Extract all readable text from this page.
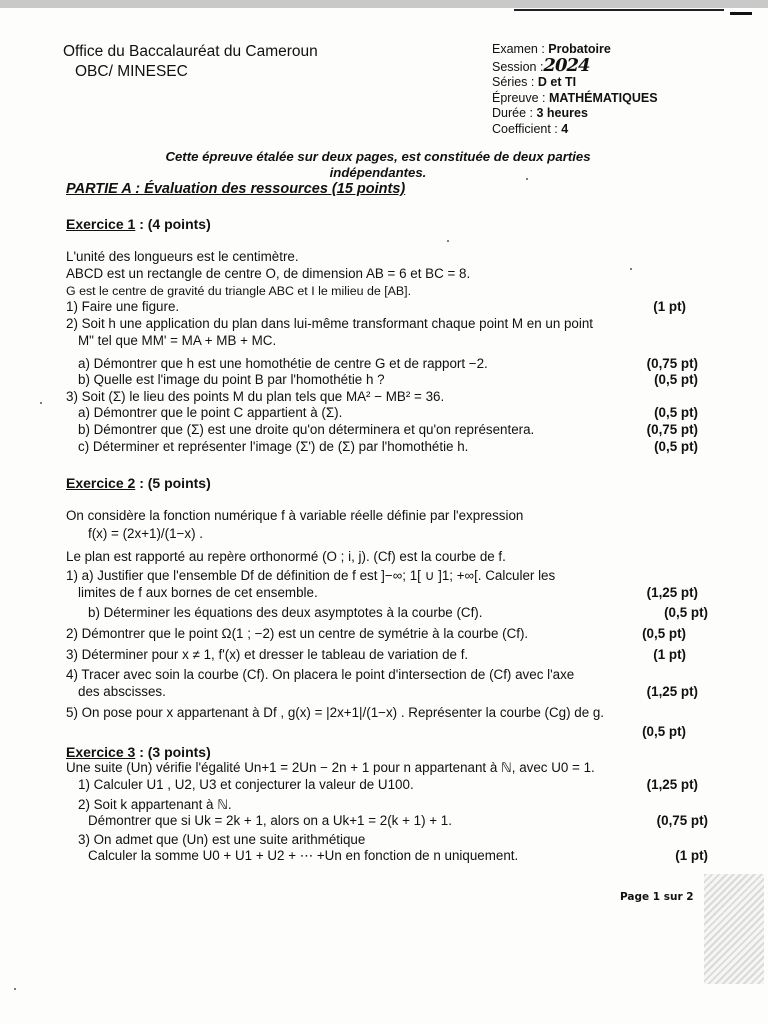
Office du Baccalauréat du Cameroun
OBC/ MINESEC
Examen : Probatoire
Session :2024
Séries : D et TI
Épreuve : MATHÉMATIQUES
Durée : 3 heures
Coefficient : 4
Cette épreuve étalée sur deux pages, est constituée de deux parties indépendantes.
PARTIE A : Évaluation des ressources (15 points)
Exercice 1 : (4 points)
L'unité des longueurs est le centimètre.
ABCD est un rectangle de centre O, de dimension AB = 6 et BC = 8.
G est le centre de gravité du triangle ABC et I le milieu de [AB].
1) Faire une figure.	(1 pt)
2) Soit h une application du plan dans lui-même transformant chaque point M en un point
M" tel que MM' = MA + MB + MC.
a) Démontrer que h est une homothétie de centre G et de rapport −2.	(0,75 pt)
b) Quelle est l'image du point B par l'homothétie h ?	(0,5 pt)
3) Soit (Σ) le lieu des points M du plan tels que MA² − MB² = 36.
a) Démontrer que le point C appartient à (Σ).	(0,5 pt)
b) Démontrer que (Σ) est une droite qu'on déterminera et qu'on représentera.	(0,75 pt)
c) Déterminer et représenter l'image (Σ') de (Σ) par l'homothétie h.	(0,5 pt)
Exercice 2 : (5 points)
On considère la fonction numérique f à variable réelle définie par l'expression
f(x) = (2x+1)/(1−x) .
Le plan est rapporté au repère orthonormé (O ; i, j). (Cf) est la courbe de f.
1) a) Justifier que l'ensemble Df de définition de f est ]−∞; 1[ ∪ ]1; +∞[. Calculer les
limites de f aux bornes de cet ensemble.	(1,25 pt)
b) Déterminer les équations des deux asymptotes à la courbe (Cf).	(0,5 pt)
2) Démontrer que le point Ω(1 ; −2) est un centre de symétrie à la courbe (Cf).	(0,5 pt)
3) Déterminer pour x ≠ 1, f'(x) et dresser le tableau de variation de f.	(1 pt)
4) Tracer avec soin la courbe (Cf). On placera le point d'intersection de (Cf) avec l'axe
des abscisses.	(1,25 pt)
5) On pose pour x appartenant à Df , g(x) = |2x+1|/(1−x) . Représenter la courbe (Cg) de g.
(0,5 pt)
Exercice 3 : (3 points)
Une suite (Un) vérifie l'égalité Un+1 = 2Un − 2n + 1 pour n appartenant à ℕ, avec U0 = 1.
1) Calculer U1 , U2, U3 et conjecturer la valeur de U100.	(1,25 pt)
2) Soit k appartenant à ℕ.
Démontrer que si Uk = 2k + 1, alors on a Uk+1 = 2(k + 1) + 1.	(0,75 pt)
3) On admet que (Un) est une suite arithmétique
Calculer la somme U0 + U1 + U2 + ⋯ +Un en fonction de n uniquement.	(1 pt)
Page 1 sur 2
